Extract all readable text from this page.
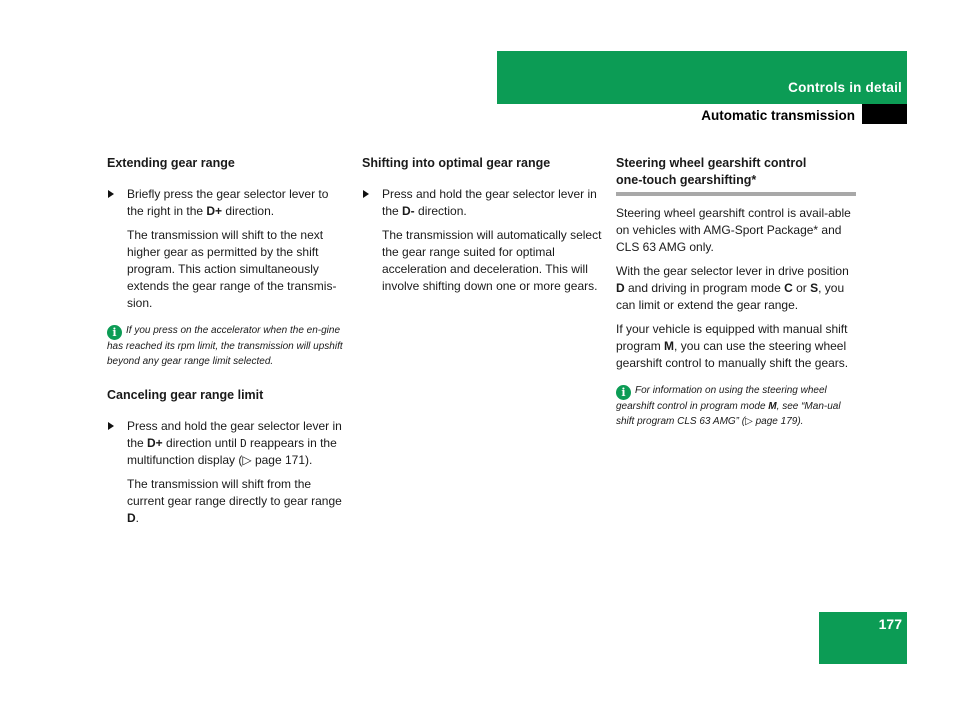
Controls in detail
Automatic transmission

Extending gear range

Briefly press the gear selector lever to the right in the D+ direction.

The transmission will shift to the next higher gear as permitted by the shift program. This action simultaneously extends the gear range of the transmis-sion.

i If you press on the accelerator when the en-gine has reached its rpm limit, the transmission will upshift beyond any gear range limit selected.

Canceling gear range limit

Press and hold the gear selector lever in the D+ direction until D reappears in the multifunction display (▷ page 171).

The transmission will shift from the current gear range directly to gear range D.

Shifting into optimal gear range

Press and hold the gear selector lever in the D- direction.

The transmission will automatically select the gear range suited for optimal acceleration and deceleration. This will involve shifting down one or more gears.

Steering wheel gearshift control

one-touch gearshifting*

Steering wheel gearshift control is avail-able on vehicles with AMG-Sport Package* and CLS 63 AMG only.

With the gear selector lever in drive position D and driving in program mode C or S, you can limit or extend the gear range.

If your vehicle is equipped with manual shift program M, you can use the steering wheel gearshift control to manually shift the gears.

i For information on using the steering wheel gearshift control in program mode M, see “Man-ual shift program CLS 63 AMG” (▷ page 179).

177
